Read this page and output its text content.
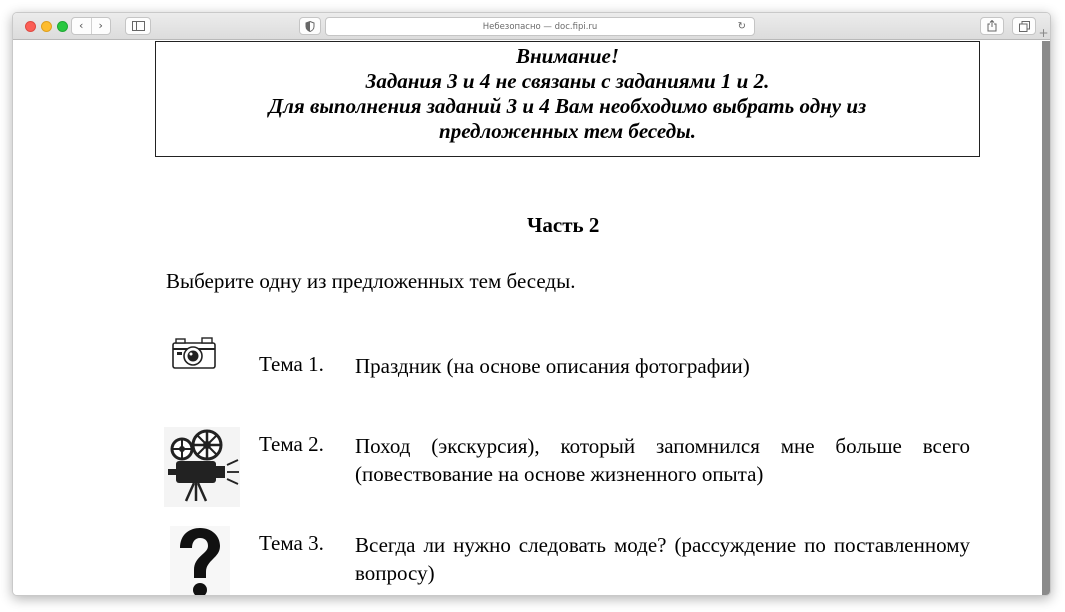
‹	›	Небезопасно — doc.fipi.ru	↻	+
Внимание!
Задания 3 и 4 не связаны с заданиями 1 и 2.
Для выполнения заданий 3 и 4 Вам необходимо выбрать одну из
предложенных тем беседы.
Часть 2
Выберите одну из предложенных тем беседы.
Тема 1. Праздник (на основе описания фотографии)
Тема 2. Поход (экскурсия), который запомнился мне больше всего (повествование на основе жизненного опыта)
Тема 3. Всегда ли нужно следовать моде? (рассуждение по поставленному вопросу)
